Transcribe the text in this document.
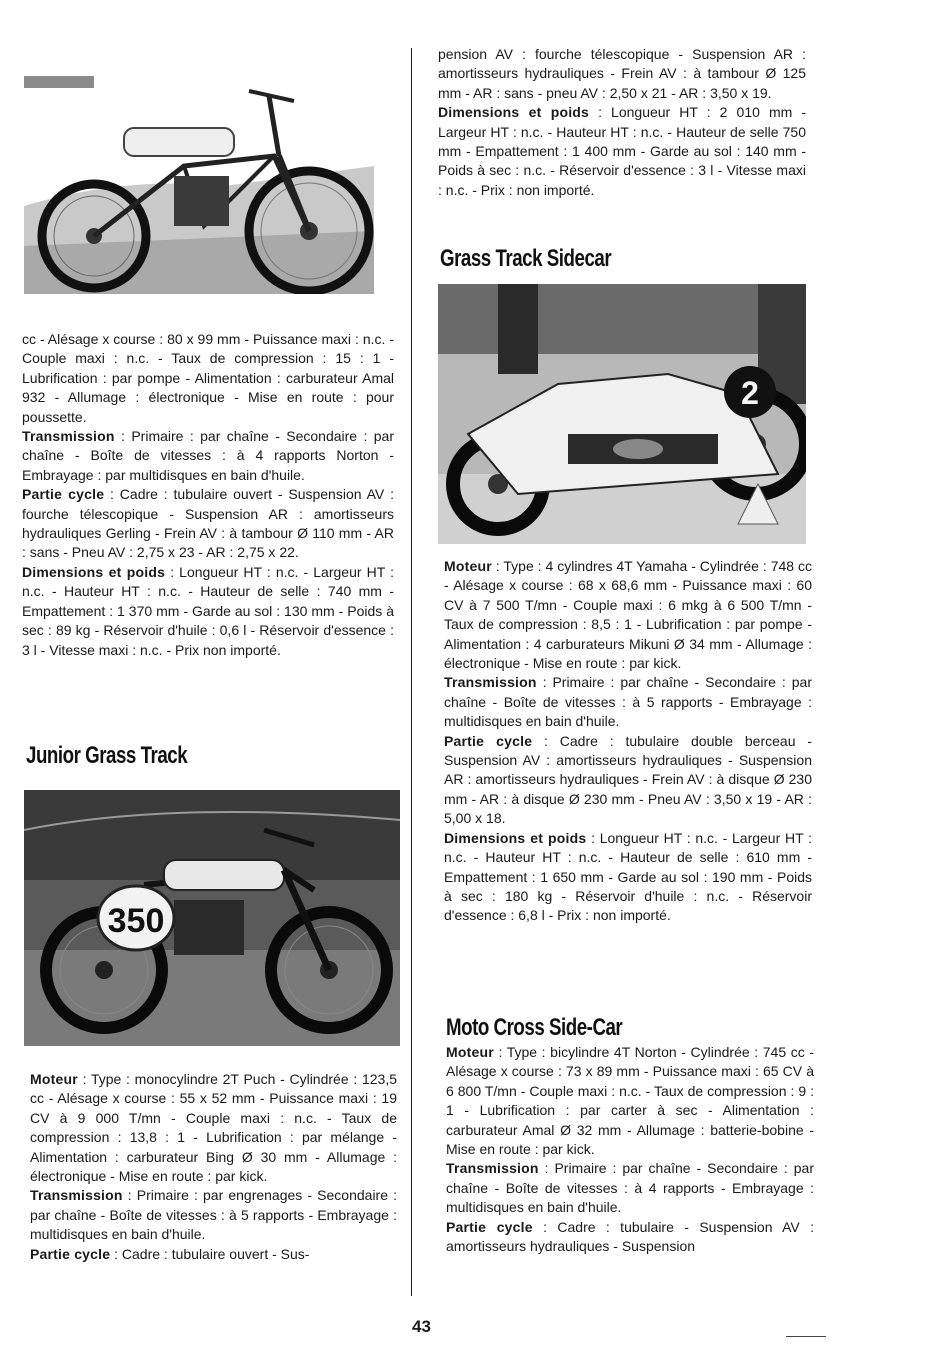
cc - Alésage x course : 80 x 99 mm - Puissance maxi : n.c. - Couple maxi : n.c. - Taux de compression : 15 : 1 - Lubrification : par pompe - Alimentation : carburateur Amal 932 - Allumage : électronique - Mise en route : pour poussette.

Transmission : Primaire : par chaîne - Secondaire : par chaîne - Boîte de vitesses : à 4 rapports Norton - Embrayage : par multidisques en bain d'huile.

Partie cycle : Cadre : tubulaire ouvert - Suspension AV : fourche télescopique - Suspension AR : amortisseurs hydrauliques Gerling - Frein AV : à tambour Ø 110 mm - AR : sans - Pneu AV : 2,75 x 23 - AR : 2,75 x 22.

Dimensions et poids : Longueur HT : n.c. - Largeur HT : n.c. - Hauteur HT : n.c. - Hauteur de selle : 740 mm - Empattement : 1 370 mm - Garde au sol : 130 mm - Poids à sec : 89 kg - Réservoir d'huile : 0,6 l - Réservoir d'essence : 3 l - Vitesse maxi : n.c. - Prix non importé.

Junior Grass Track
350

Moteur : Type : monocylindre 2T Puch - Cylindrée : 123,5 cc - Alésage x course : 55 x 52 mm - Puissance maxi : 19 CV à 9 000 T/mn - Couple maxi : n.c. - Taux de compression : 13,8 : 1 - Lubrification : par mélange - Alimentation : carburateur Bing Ø 30 mm - Allumage : électronique - Mise en route : par kick.

Transmission : Primaire : par engrenages - Secondaire : par chaîne - Boîte de vitesses : à 5 rapports - Embrayage : multidisques en bain d'huile.

Partie cycle : Cadre : tubulaire ouvert - Sus-

pension AV : fourche télescopique - Suspension AR : amortisseurs hydrauliques - Frein AV : à tambour Ø 125 mm - AR : sans - pneu AV : 2,50 x 21 - AR : 3,50 x 19.

Dimensions et poids : Longueur HT : 2 010 mm - Largeur HT : n.c. - Hauteur HT : n.c. - Hauteur de selle 750 mm - Empattement : 1 400 mm - Garde au sol : 140 mm - Poids à sec : n.c. - Réservoir d'essence : 3 l - Vitesse maxi : n.c. - Prix : non importé.

Grass Track Sidecar
2

Moteur : Type : 4 cylindres 4T Yamaha - Cylindrée : 748 cc - Alésage x course : 68 x 68,6 mm - Puissance maxi : 60 CV à 7 500 T/mn - Couple maxi : 6 mkg à 6 500 T/mn - Taux de compression : 8,5 : 1 - Lubrification : par pompe - Alimentation : 4 carburateurs Mikuni Ø 34 mm - Allumage : électronique - Mise en route : par kick.

Transmission : Primaire : par chaîne - Secondaire : par chaîne - Boîte de vitesses : à 5 rapports - Embrayage : multidisques en bain d'huile.

Partie cycle : Cadre : tubulaire double berceau - Suspension AV : amortisseurs hydrauliques - Suspension AR : amortisseurs hydrauliques - Frein AV : à disque Ø 230 mm - AR : à disque Ø 230 mm - Pneu AV : 3,50 x 19 - AR : 5,00 x 18.

Dimensions et poids : Longueur HT : n.c. - Largeur HT : n.c. - Hauteur HT : n.c. - Hauteur de selle : 610 mm - Empattement : 1 650 mm - Garde au sol : 190 mm - Poids à sec : 180 kg - Réservoir d'huile : n.c. - Réservoir d'essence : 6,8 l - Prix : non importé.

Moto Cross Side-Car

Moteur : Type : bicylindre 4T Norton - Cylindrée : 745 cc - Alésage x course : 73 x 89 mm - Puissance maxi : 65 CV à 6 800 T/mn - Couple maxi : n.c. - Taux de compression : 9 : 1 - Lubrification : par carter à sec - Alimentation : carburateur Amal Ø 32 mm - Allumage : batterie-bobine - Mise en route : par kick.

Transmission : Primaire : par chaîne - Secondaire : par chaîne - Boîte de vitesses : à 4 rapports - Embrayage : multidisques en bain d'huile.

Partie cycle : Cadre : tubulaire - Suspension AV : amortisseurs hydrauliques - Suspension

43
